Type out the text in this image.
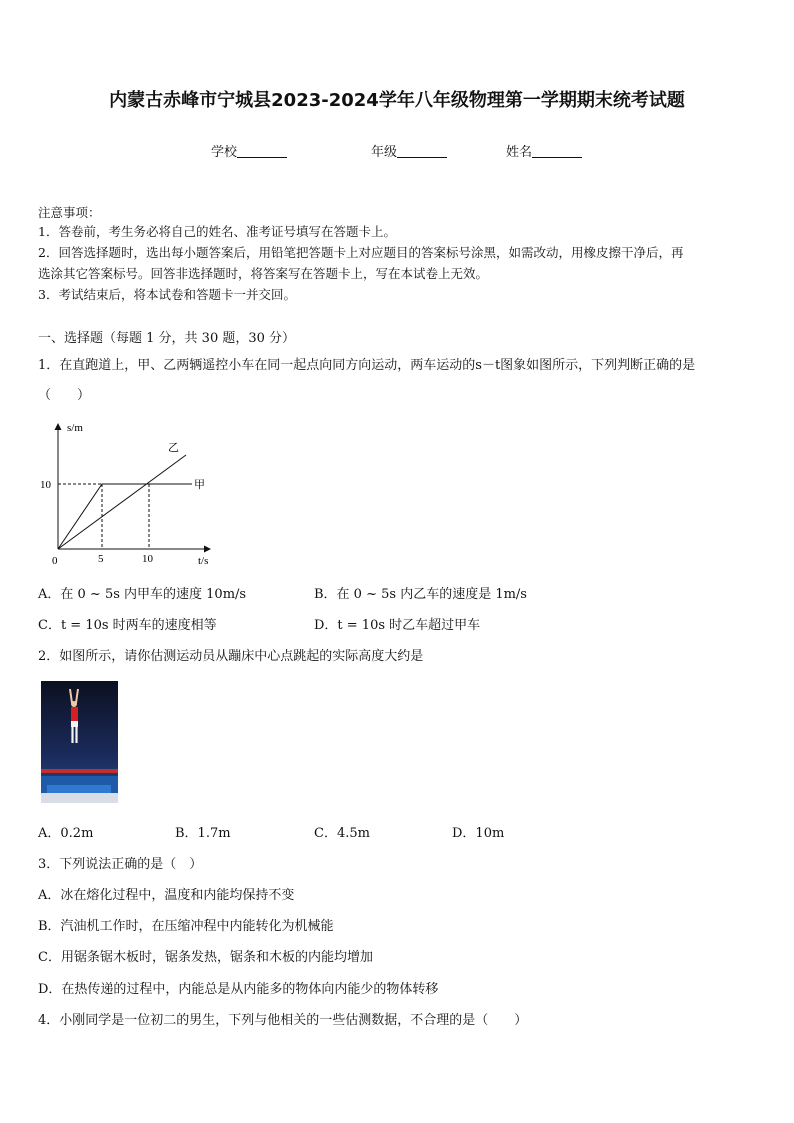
内蒙古赤峰市宁城县2023-2024学年八年级物理第一学期期末统考试题
学校	年级	姓名
注意事项：
1．答卷前，考生务必将自己的姓名、准考证号填写在答题卡上。
2．回答选择题时，选出每小题答案后，用铅笔把答题卡上对应题目的答案标号涂黑，如需改动，用橡皮擦干净后，再
选涂其它答案标号。回答非选择题时，将答案写在答题卡上，写在本试卷上无效。
3．考试结束后，将本试卷和答题卡一并交回。
一、选择题（每题 1 分，共 30 题，30 分）
1．在直跑道上，甲、乙两辆遥控小车在同一起点向同方向运动，两车运动的s－t图象如图所示，下列判断正确的是
（　　）
s/m
t/s
0
10
5	10
甲
乙
A．在 0 ~ 5s 内甲车的速度 10m/s	B．在 0 ~ 5s 内乙车的速度是 1m/s
C．t = 10s 时两车的速度相等	D．t = 10s 时乙车超过甲车
2．如图所示，请你估测运动员从蹦床中心点跳起的实际高度大约是
A．0.2m	B．1.7m	C．4.5m	D．10m
3．下列说法正确的是（　）
A．冰在熔化过程中，温度和内能均保持不变
B．汽油机工作时，在压缩冲程中内能转化为机械能
C．用锯条锯木板时，锯条发热，锯条和木板的内能均增加
D．在热传递的过程中，内能总是从内能多的物体向内能少的物体转移
4．小刚同学是一位初二的男生，下列与他相关的一些估测数据，不合理的是（　　）
